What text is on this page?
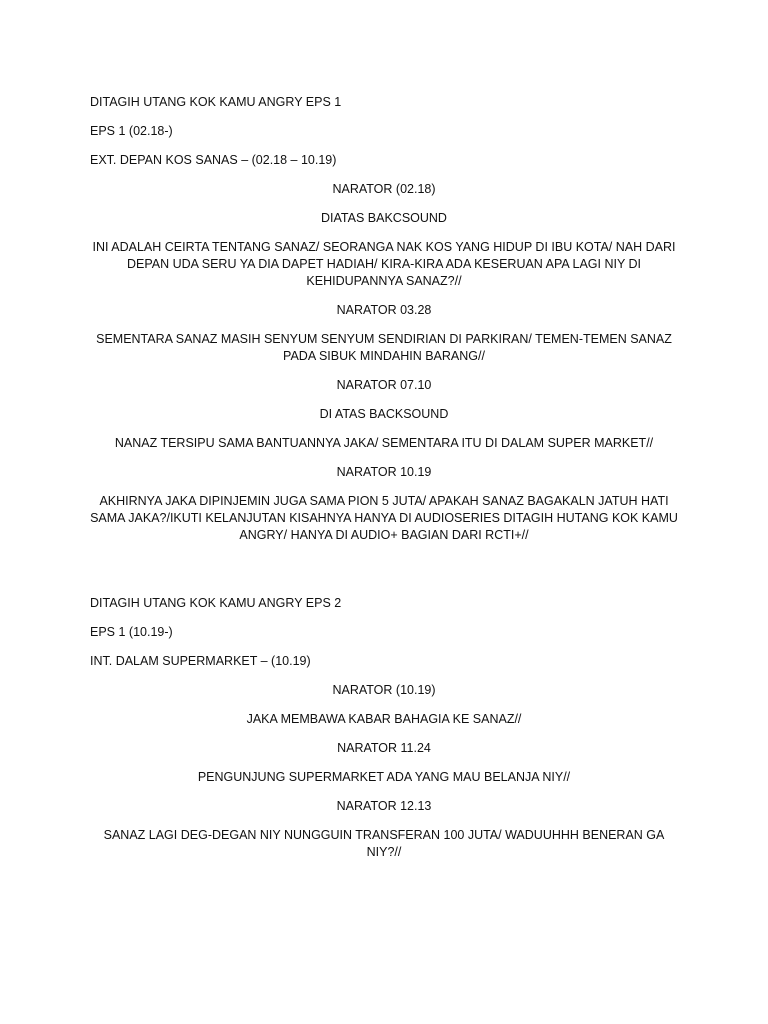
DITAGIH UTANG KOK KAMU ANGRY EPS 1

EPS 1 (02.18-)

EXT. DEPAN KOS SANAS – (02.18 – 10.19)

NARATOR (02.18)

DIATAS BAKCSOUND

INI ADALAH CEIRTA TENTANG SANAZ/ SEORANGA NAK KOS YANG HIDUP DI IBU KOTA/ NAH DARI DEPAN UDA SERU YA DIA DAPET HADIAH/ KIRA-KIRA ADA KESERUAN APA LAGI NIY DI KEHIDUPANNYA SANAZ?//

NARATOR 03.28

SEMENTARA SANAZ MASIH SENYUM SENYUM SENDIRIAN DI PARKIRAN/ TEMEN-TEMEN SANAZ PADA SIBUK MINDAHIN BARANG//

NARATOR 07.10

DI ATAS BACKSOUND

NANAZ TERSIPU SAMA BANTUANNYA JAKA/ SEMENTARA ITU DI DALAM SUPER MARKET//

NARATOR 10.19

AKHIRNYA JAKA DIPINJEMIN JUGA SAMA PION 5 JUTA/ APAKAH SANAZ BAGAKALN JATUH HATI SAMA JAKA?/IKUTI KELANJUTAN KISAHNYA HANYA DI AUDIOSERIES DITAGIH HUTANG KOK KAMU ANGRY/ HANYA DI AUDIO+ BAGIAN DARI RCTI+//

DITAGIH UTANG KOK KAMU ANGRY EPS 2

EPS 1 (10.19-)

INT. DALAM SUPERMARKET – (10.19)

NARATOR (10.19)

JAKA MEMBAWA KABAR BAHAGIA KE SANAZ//

NARATOR 11.24

PENGUNJUNG SUPERMARKET ADA YANG MAU BELANJA NIY//

NARATOR 12.13

SANAZ LAGI DEG-DEGAN NIY NUNGGUIN TRANSFERAN 100 JUTA/ WADUUHHH BENERAN GA NIY?//
